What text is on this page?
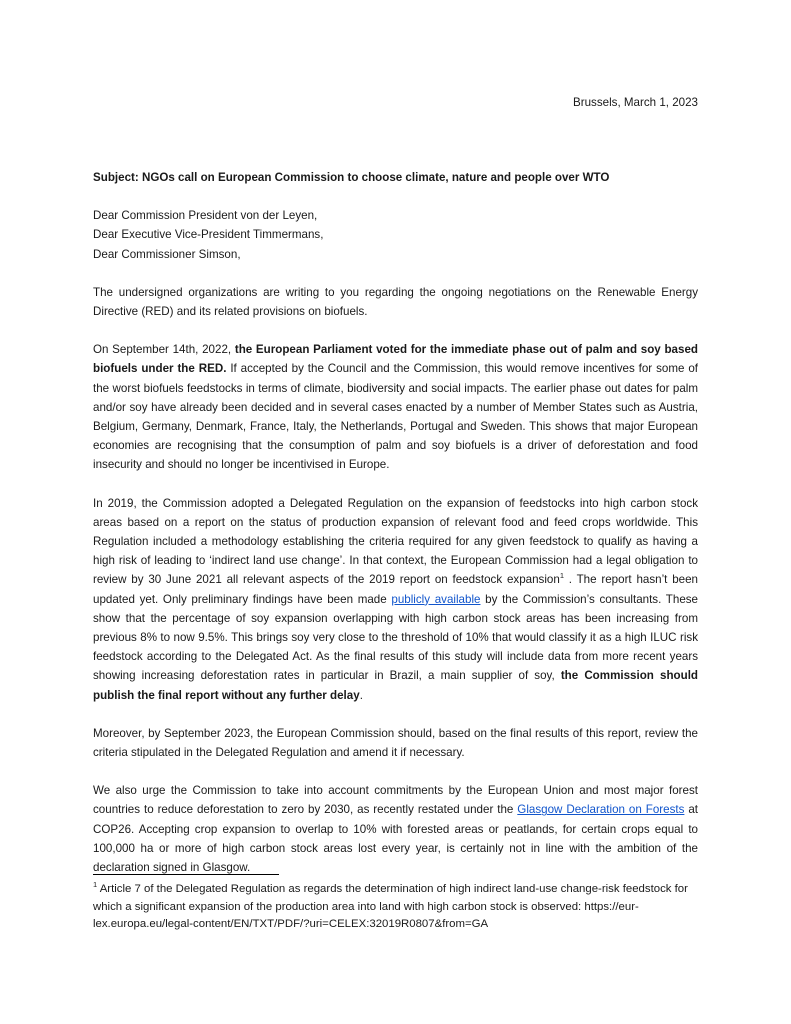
Brussels, March 1, 2023

Subject: NGOs call on European Commission to choose climate, nature and people over WTO

Dear Commission President von der Leyen,

Dear Executive Vice-President Timmermans,

Dear Commissioner Simson,

The undersigned organizations are writing to you regarding the ongoing negotiations on the Renewable Energy Directive (RED) and its related provisions on biofuels.

On September 14th, 2022, the European Parliament voted for the immediate phase out of palm and soy based biofuels under the RED. If accepted by the Council and the Commission, this would remove incentives for some of the worst biofuels feedstocks in terms of climate, biodiversity and social impacts. The earlier phase out dates for palm and/or soy have already been decided and in several cases enacted by a number of Member States such as Austria, Belgium, Germany, Denmark, France, Italy, the Netherlands, Portugal and Sweden. This shows that major European economies are recognising that the consumption of palm and soy biofuels is a driver of deforestation and food insecurity and should no longer be incentivised in Europe.

In 2019, the Commission adopted a Delegated Regulation on the expansion of feedstocks into high carbon stock areas based on a report on the status of production expansion of relevant food and feed crops worldwide. This Regulation included a methodology establishing the criteria required for any given feedstock to qualify as having a high risk of leading to ‘indirect land use change’. In that context, the European Commission had a legal obligation to review by 30 June 2021 all relevant aspects of the 2019 report on feedstock expansion$^1$ . The report hasn’t been updated yet. Only preliminary findings have been made publicly available by the Commission’s consultants. These show that the percentage of soy expansion overlapping with high carbon stock areas has been increasing from previous 8% to now 9.5%. This brings soy very close to the threshold of 10% that would classify it as a high ILUC risk feedstock according to the Delegated Act. As the final results of this study will include data from more recent years showing increasing deforestation rates in particular in Brazil, a main supplier of soy, the Commission should publish the final report without any further delay.

Moreover, by September 2023, the European Commission should, based on the final results of this report, review the criteria stipulated in the Delegated Regulation and amend it if necessary.

We also urge the Commission to take into account commitments by the European Union and most major forest countries to reduce deforestation to zero by 2030, as recently restated under the Glasgow Declaration on Forests at COP26. Accepting crop expansion to overlap to 10% with forested areas or peatlands, for certain crops equal to 100,000 ha or more of high carbon stock areas lost every year, is certainly not in line with the ambition of the declaration signed in Glasgow.

$^1$ Article 7 of the Delegated Regulation as regards the determination of high indirect land-use change-risk feedstock for which a significant expansion of the production area into land with high carbon stock is observed: https://eur-lex.europa.eu/legal-content/EN/TXT/PDF/?uri=CELEX:32019R0807&from=GA
